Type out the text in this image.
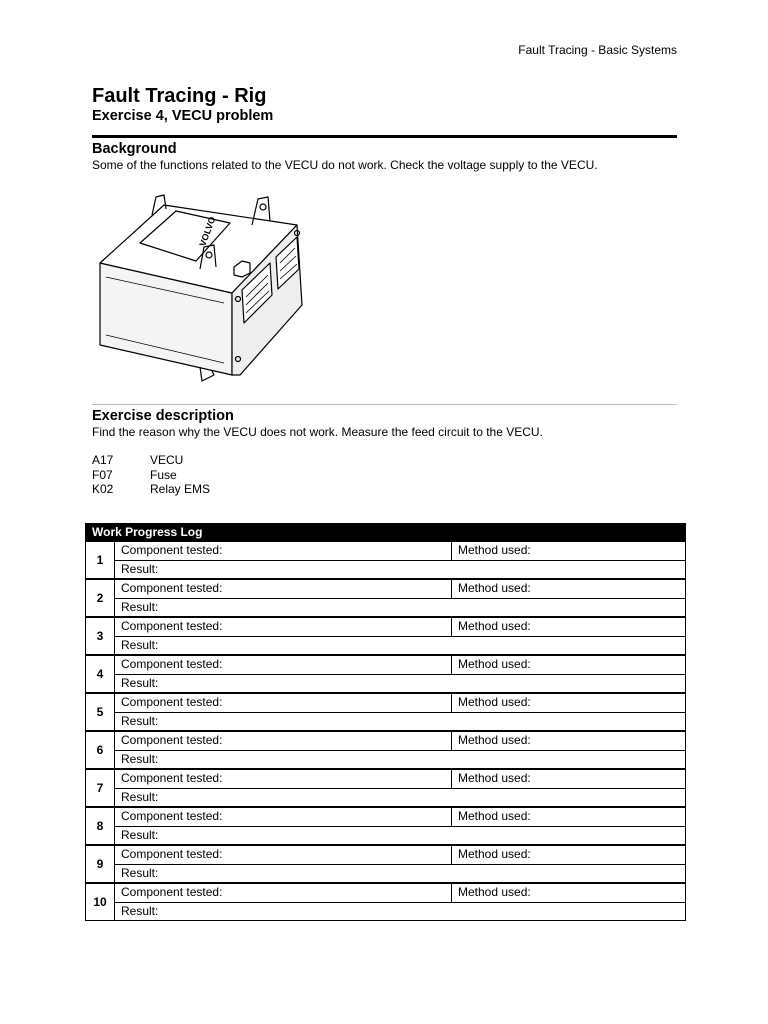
Fault Tracing - Basic Systems
Fault Tracing - Rig
Exercise 4, VECU problem
Background

Some of the functions related to the VECU do not work. Check the voltage supply to the VECU.

VOLVO
Exercise description

Find the reason why the VECU does not work. Measure the feed circuit to the VECU.

A17	VECU
F07	Fuse
K02	Relay EMS
Work Progress Log		
1	Component tested:	Method used:
	Result:	
2	Component tested:	Method used:
	Result:	
3	Component tested:	Method used:
	Result:	
4	Component tested:	Method used:
	Result:	
5	Component tested:	Method used:
	Result:	
6	Component tested:	Method used:
	Result:	
7	Component tested:	Method used:
	Result:	
8	Component tested:	Method used:
	Result:	
9	Component tested:	Method used:
	Result:	
10	Component tested:	Method used:
	Result:	
